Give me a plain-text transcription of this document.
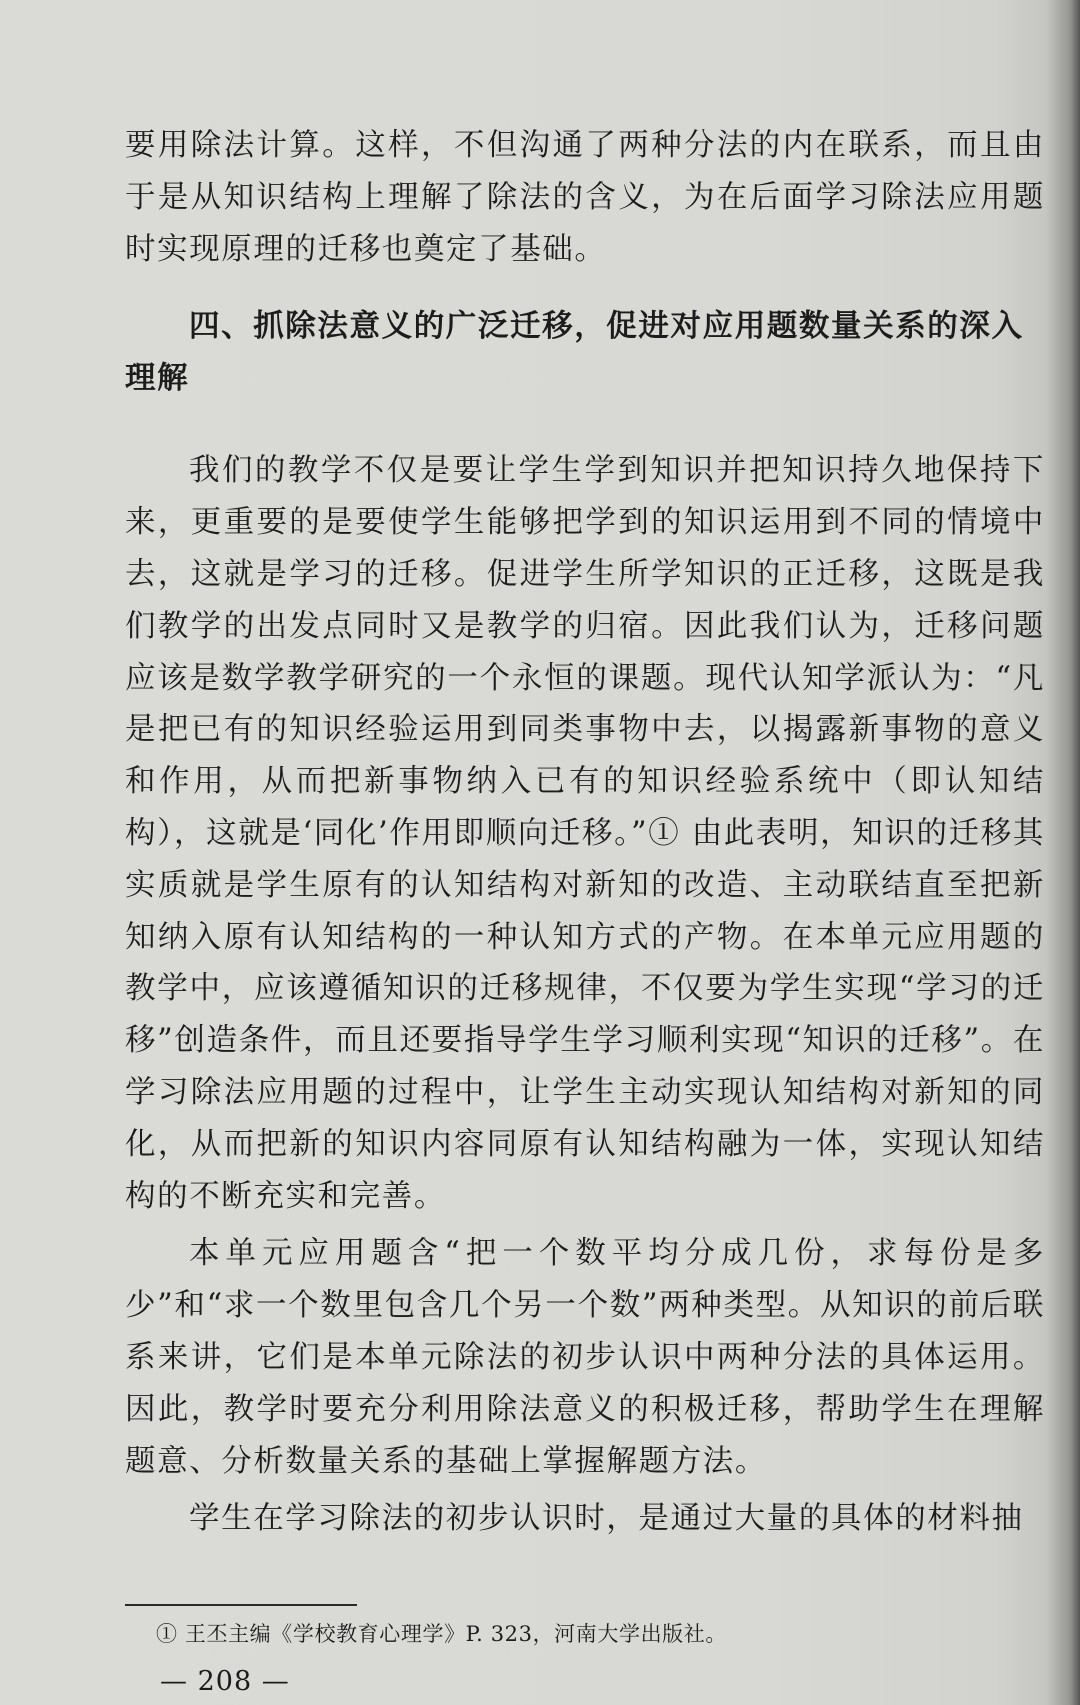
要用除法计算。这样，不但沟通了两种分法的内在联系，而且由于是从知识结构上理解了除法的含义，为在后面学习除法应用题时实现原理的迁移也奠定了基础。

四、抓除法意义的广泛迁移，促进对应用题数量关系的深入理解

我们的教学不仅是要让学生学到知识并把知识持久地保持下来，更重要的是要使学生能够把学到的知识运用到不同的情境中去，这就是学习的迁移。促进学生所学知识的正迁移，这既是我们教学的出发点同时又是教学的归宿。因此我们认为，迁移问题应该是数学教学研究的一个永恒的课题。现代认知学派认为：“凡是把已有的知识经验运用到同类事物中去，以揭露新事物的意义和作用，从而把新事物纳入已有的知识经验系统中（即认知结构），这就是‘同化’作用即顺向迁移。”① 由此表明，知识的迁移其实质就是学生原有的认知结构对新知的改造、主动联结直至把新知纳入原有认知结构的一种认知方式的产物。在本单元应用题的教学中，应该遵循知识的迁移规律，不仅要为学生实现“学习的迁移”创造条件，而且还要指导学生学习顺利实现“知识的迁移”。在学习除法应用题的过程中，让学生主动实现认知结构对新知的同化，从而把新的知识内容同原有认知结构融为一体，实现认知结构的不断充实和完善。

本单元应用题含“把一个数平均分成几份，求每份是多少”和“求一个数里包含几个另一个数”两种类型。从知识的前后联系来讲，它们是本单元除法的初步认识中两种分法的具体运用。因此，教学时要充分利用除法意义的积极迁移，帮助学生在理解题意、分析数量关系的基础上掌握解题方法。

学生在学习除法的初步认识时，是通过大量的具体的材料抽

① 王丕主编《学校教育心理学》P. 323，河南大学出版社。
— 208 —
